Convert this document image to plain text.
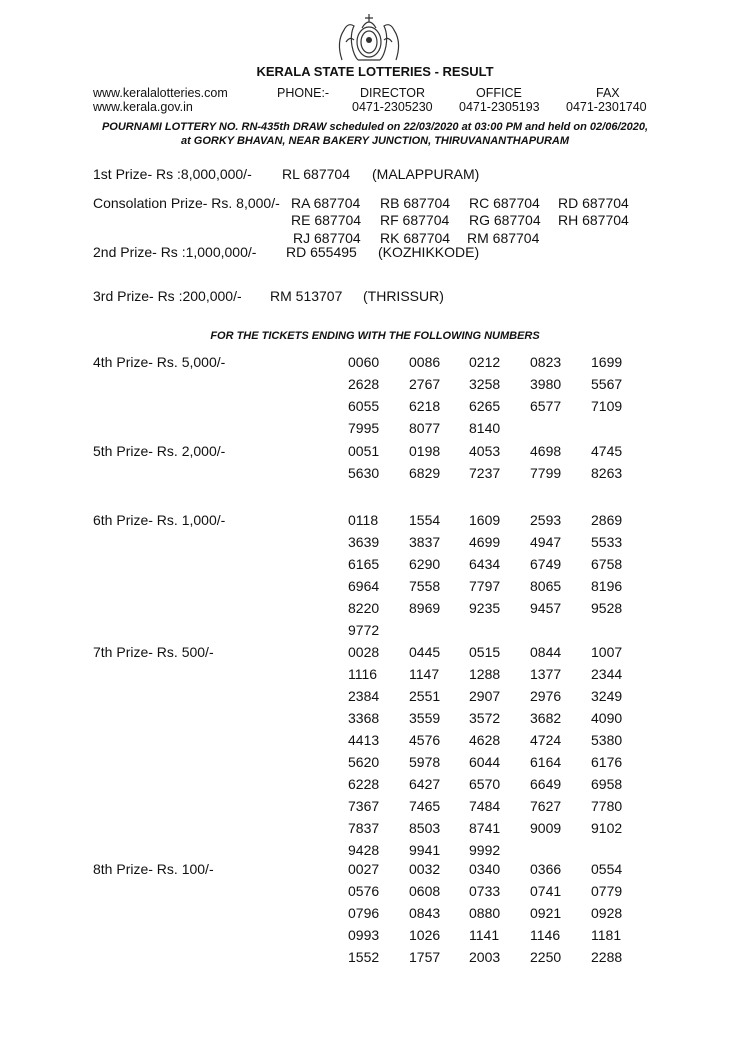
KERALA STATE LOTTERIES - RESULT
www.keralalotteries.com
www.kerala.gov.in
PHONE:- DIRECTOR
0471-2305230
OFFICE
0471-2305193
FAX
0471-2301740
POURNAMI LOTTERY NO. RN-435th DRAW scheduled on 22/03/2020 at 03:00 PM and held on 02/06/2020,
at GORKY BHAVAN, NEAR BAKERY JUNCTION, THIRUVANANTHAPURAM
1st Prize- Rs :8,000,000/- RL 687704 (MALAPPURAM)
Consolation Prize- Rs. 8,000/- RA 687704 RB 687704 RC 687704 RD 687704
RE 687704 RF 687704 RG 687704 RH 687704
RJ 687704 RK 687704 RM 687704
2nd Prize- Rs :1,000,000/- RD 655495 (KOZHIKKODE)
3rd Prize- Rs :200,000/- RM 513707 (THRISSUR)
FOR THE TICKETS ENDING WITH THE FOLLOWING NUMBERS
4th Prize- Rs. 5,000/-	0060 0086 0212 0823 1699
2628 2767 3258 3980 5567
6055 6218 6265 6577 7109
7995 8077 8140
5th Prize- Rs. 2,000/-	0051 0198 4053 4698 4745
5630 6829 7237 7799 8263
6th Prize- Rs. 1,000/-	0118 1554 1609 2593 2869
3639 3837 4699 4947 5533
6165 6290 6434 6749 6758
6964 7558 7797 8065 8196
8220 8969 9235 9457 9528
9772
7th Prize- Rs. 500/-	0028 0445 0515 0844 1007
1116 1147 1288 1377 2344
2384 2551 2907 2976 3249
3368 3559 3572 3682 4090
4413 4576 4628 4724 5380
5620 5978 6044 6164 6176
6228 6427 6570 6649 6958
7367 7465 7484 7627 7780
7837 8503 8741 9009 9102
9428 9941 9992
8th Prize- Rs. 100/-	0027 0032 0340 0366 0554
0576 0608 0733 0741 0779
0796 0843 0880 0921 0928
0993 1026 1141 1146 1181
1552 1757 2003 2250 2288
